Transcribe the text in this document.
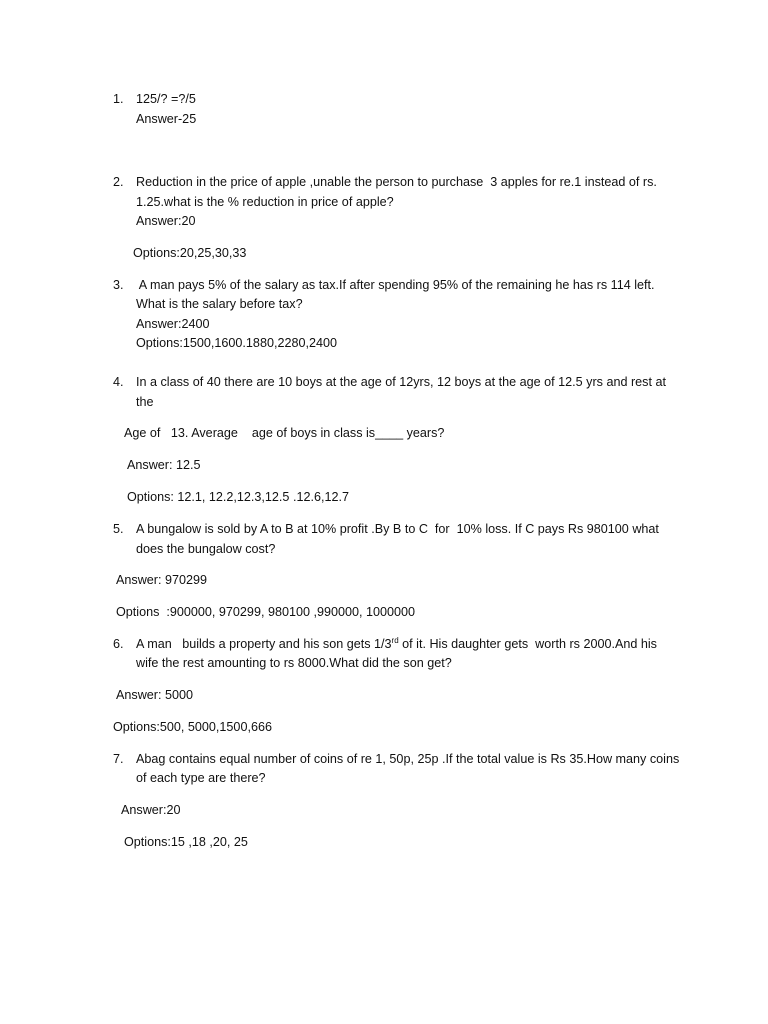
1. 125/? =?/5
Answer-25
2. Reduction in the price of apple ,unable the person to purchase  3 apples for re.1 instead of rs.
1.25.what is the % reduction in price of apple?
Answer:20
Options:20,25,30,33
3. A man pays 5% of the salary as tax.If after spending 95% of the remaining he has rs 114 left.
What is the salary before tax?
Answer:2400
Options:1500,1600.1880,2280,2400
4. In a class of 40 there are 10 boys at the age of 12yrs, 12 boys at the age of 12.5 yrs and rest at
the
Age of   13. Average    age of boys in class is____ years?
Answer: 12.5
Options: 12.1, 12.2,12.3,12.5 .12.6,12.7
5. A bungalow is sold by A to B at 10% profit .By B to C  for  10% loss. If C pays Rs 980100 what
does the bungalow cost?
Answer: 970299
Options  :900000, 970299, 980100 ,990000, 1000000
6. A man   builds a property and his son gets 1/3rd of it. His daughter gets  worth rs 2000.And his
wife the rest amounting to rs 8000.What did the son get?
Answer: 5000
Options:500, 5000,1500,666
7. Abag contains equal number of coins of re 1, 50p, 25p .If the total value is Rs 35.How many coins
of each type are there?
Answer:20
Options:15 ,18 ,20, 25
